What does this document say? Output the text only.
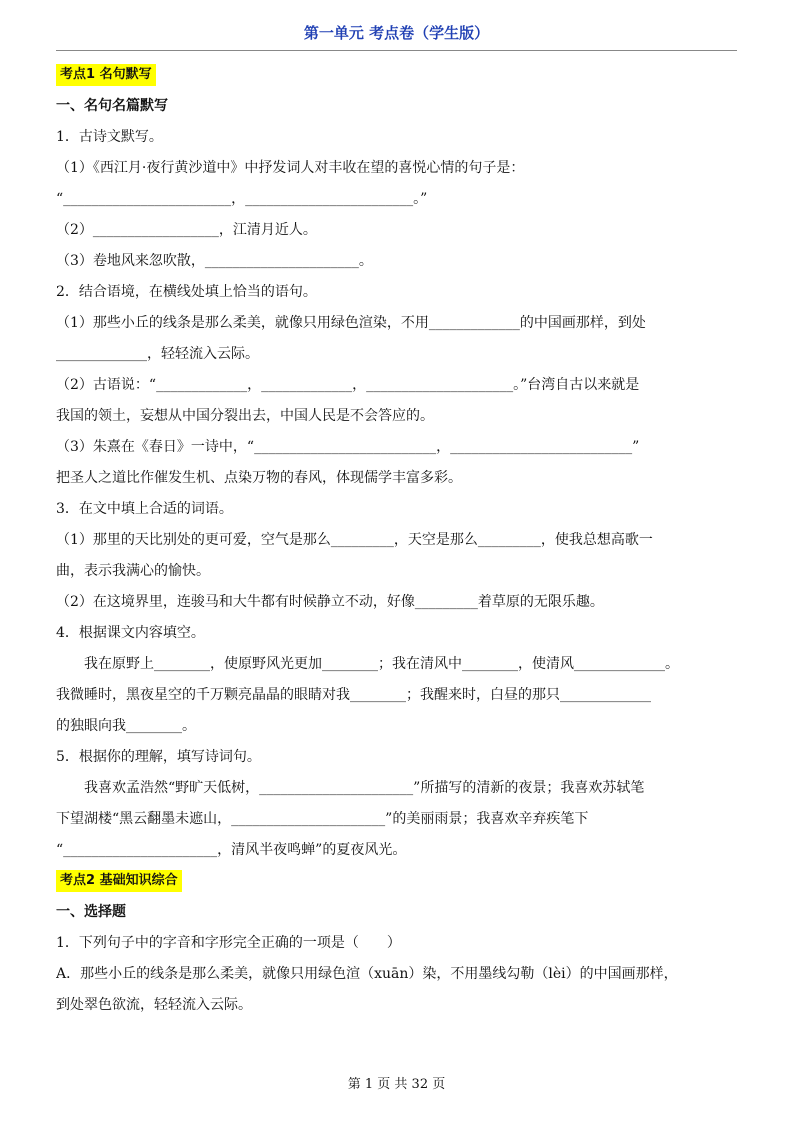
第一单元 考点卷（学生版）
考点1 名句默写
一、名句名篇默写
1．古诗文默写。
（1）《西江月·夜行黄沙道中》中抒发词人对丰收在望的喜悦心情的句子是：
“________________________，________________________。”
（2）__________________，江清月近人。
（3）卷地风来忽吹散，______________________。
2．结合语境，在横线处填上恰当的语句。
（1）那些小丘的线条是那么柔美，就像只用绿色渲染，不用_____________的中国画那样，到处
_____________，轻轻流入云际。
（2）古语说：“_____________，_____________，_____________________。”台湾自古以来就是
我国的领土，妄想从中国分裂出去，中国人民是不会答应的。
（3）朱熹在《春日》一诗中，“__________________________，__________________________”
把圣人之道比作催发生机、点染万物的春风，体现儒学丰富多彩。
3．在文中填上合适的词语。
（1）那里的天比别处的更可爱，空气是那么_________，天空是那么_________，使我总想高歌一
曲，表示我满心的愉快。
（2）在这境界里，连骏马和大牛都有时候静立不动，好像_________着草原的无限乐趣。
4．根据课文内容填空。
我在原野上________，使原野风光更加________；我在清风中________，使清风_____________。
我微睡时，黑夜星空的千万颗亮晶晶的眼睛对我________；我醒来时，白昼的那只_____________
的独眼向我________。
5．根据你的理解，填写诗词句。
我喜欢孟浩然“野旷天低树，______________________”所描写的清新的夜景；我喜欢苏轼笔
下望湖楼“黑云翻墨未遮山，______________________”的美丽雨景；我喜欢辛弃疾笔下
“______________________，清风半夜鸣蝉”的夏夜风光。
考点2 基础知识综合
一、选择题
1．下列句子中的字音和字形完全正确的一项是（　　）
A．那些小丘的线条是那么柔美，就像只用绿色渲（xuān）染，不用墨线勾勒（lèi）的中国画那样，
到处翠色欲流，轻轻流入云际。
第 1 页 共 32 页
